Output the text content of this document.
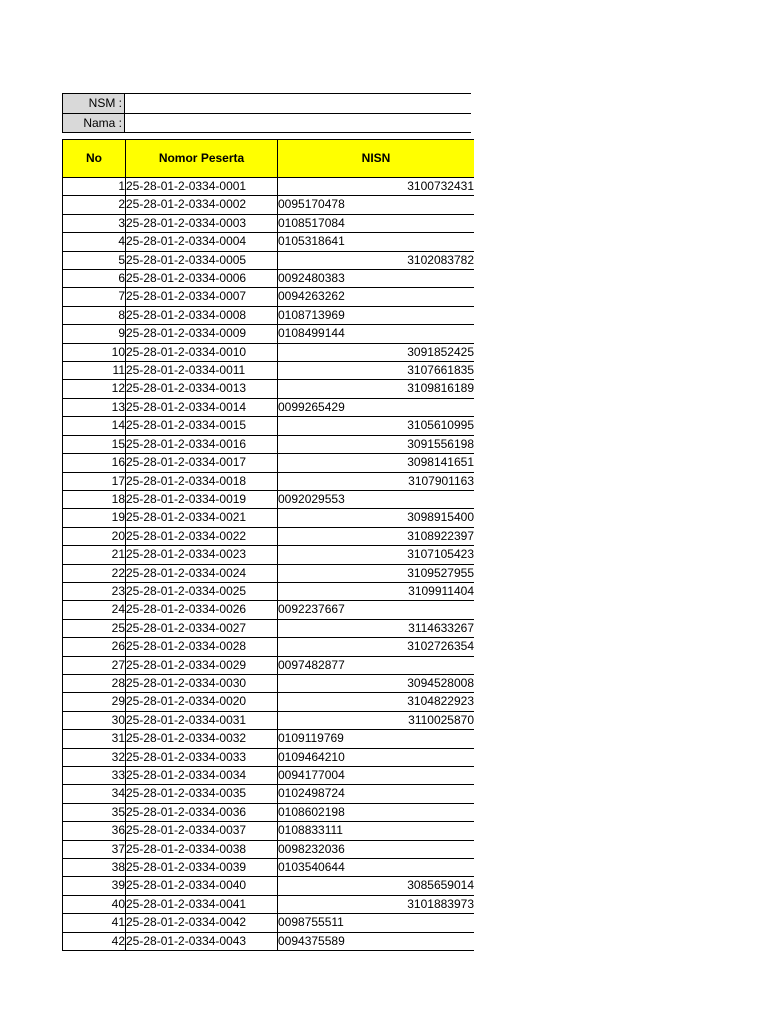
NSM :	
Nama :	
No	Nomor Peserta	NISN
1	25-28-01-2-0334-0001	3100732431
2	25-28-01-2-0334-0002	0095170478
3	25-28-01-2-0334-0003	0108517084
4	25-28-01-2-0334-0004	0105318641
5	25-28-01-2-0334-0005	3102083782
6	25-28-01-2-0334-0006	0092480383
7	25-28-01-2-0334-0007	0094263262
8	25-28-01-2-0334-0008	0108713969
9	25-28-01-2-0334-0009	0108499144
10	25-28-01-2-0334-0010	3091852425
11	25-28-01-2-0334-0011	3107661835
12	25-28-01-2-0334-0013	3109816189
13	25-28-01-2-0334-0014	0099265429
14	25-28-01-2-0334-0015	3105610995
15	25-28-01-2-0334-0016	3091556198
16	25-28-01-2-0334-0017	3098141651
17	25-28-01-2-0334-0018	3107901163
18	25-28-01-2-0334-0019	0092029553
19	25-28-01-2-0334-0021	3098915400
20	25-28-01-2-0334-0022	3108922397
21	25-28-01-2-0334-0023	3107105423
22	25-28-01-2-0334-0024	3109527955
23	25-28-01-2-0334-0025	3109911404
24	25-28-01-2-0334-0026	0092237667
25	25-28-01-2-0334-0027	3114633267
26	25-28-01-2-0334-0028	3102726354
27	25-28-01-2-0334-0029	0097482877
28	25-28-01-2-0334-0030	3094528008
29	25-28-01-2-0334-0020	3104822923
30	25-28-01-2-0334-0031	3110025870
31	25-28-01-2-0334-0032	0109119769
32	25-28-01-2-0334-0033	0109464210
33	25-28-01-2-0334-0034	0094177004
34	25-28-01-2-0334-0035	0102498724
35	25-28-01-2-0334-0036	0108602198
36	25-28-01-2-0334-0037	0108833111
37	25-28-01-2-0334-0038	0098232036
38	25-28-01-2-0334-0039	0103540644
39	25-28-01-2-0334-0040	3085659014
40	25-28-01-2-0334-0041	3101883973
41	25-28-01-2-0334-0042	0098755511
42	25-28-01-2-0334-0043	0094375589
